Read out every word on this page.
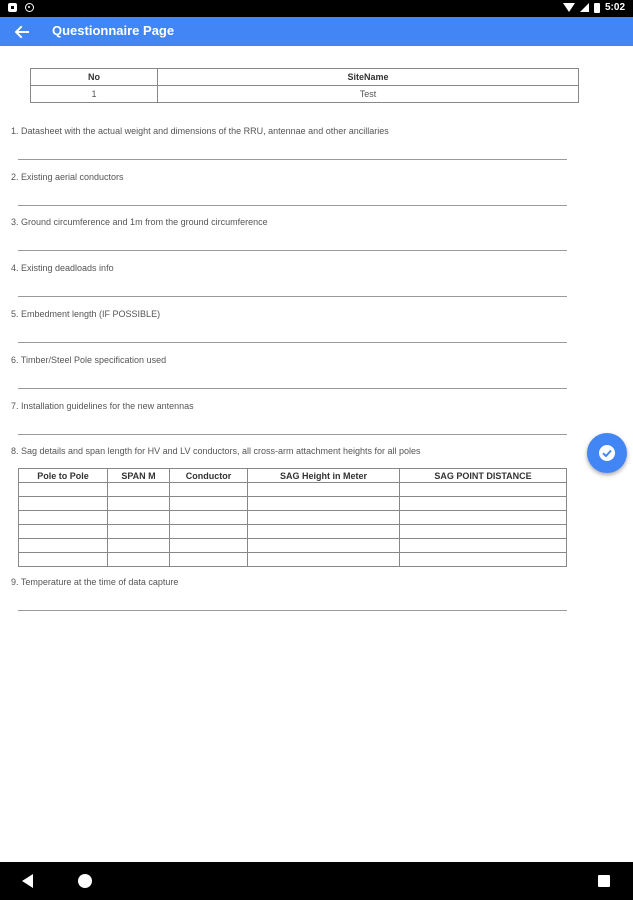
5:02
Questionnaire Page
No	SiteName
1	Test
1. Datasheet with the actual weight and dimensions of the RRU, antennae and other ancillaries
2. Existing aerial conductors
3. Ground circumference and 1m from the ground circumference
4. Existing deadloads info
5. Embedment length (IF POSSIBLE)
6. Timber/Steel Pole specification used
7. Installation guidelines for the new antennas
8. Sag details and span length for HV and LV conductors, all cross-arm attachment heights for all poles
Pole to Pole	SPAN M	Conductor	SAG Height in Meter	SAG POINT DISTANCE

9. Temperature at the time of data capture
